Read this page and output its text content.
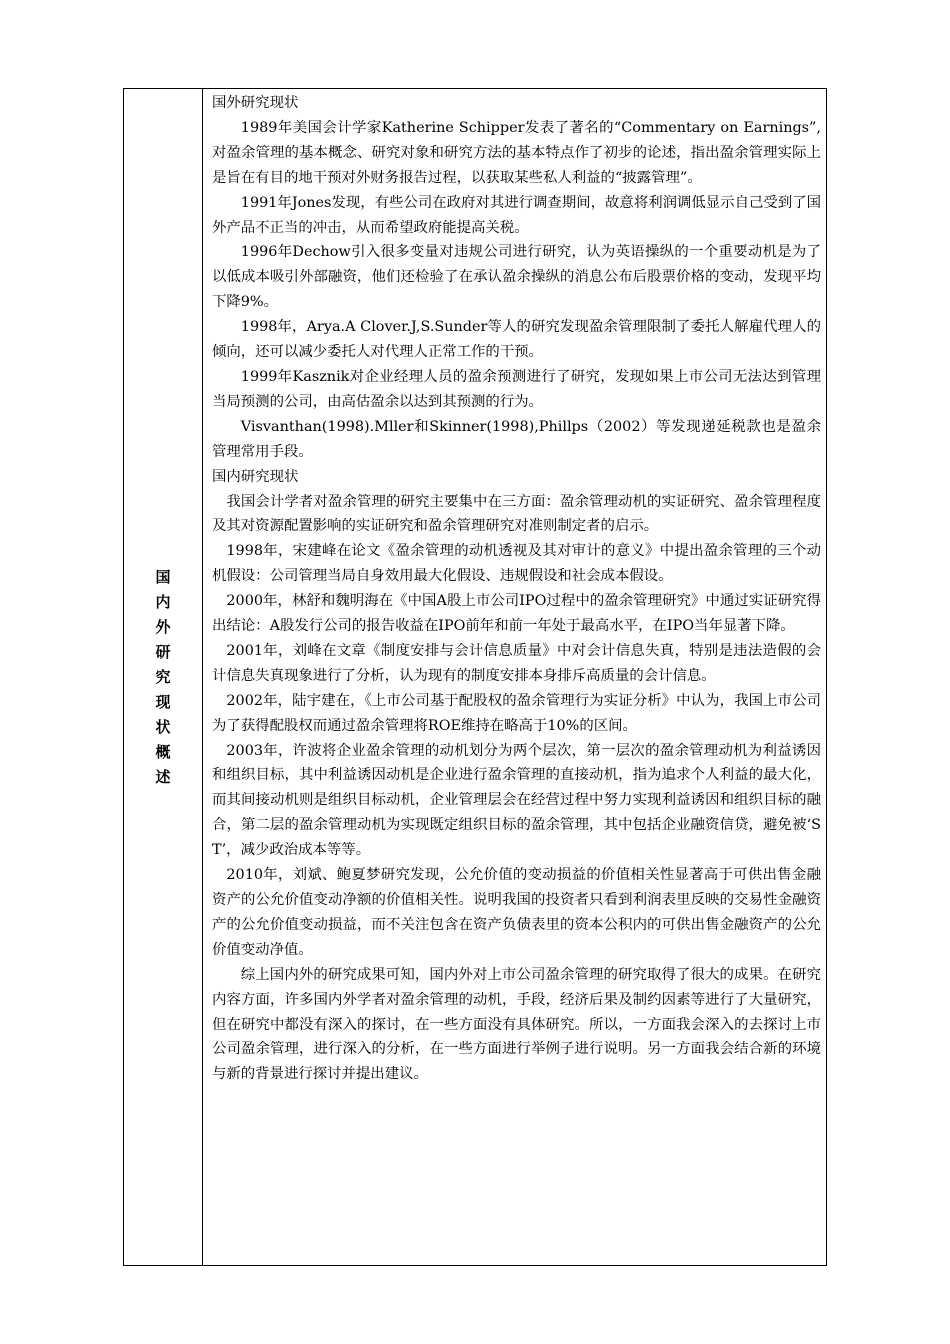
国
内
外
研
究
现
状
概
述

国外研究现状

1989年美国会计学家Katherine Schipper发表了著名的“Commentary on Earnings”,对盈余管理的基本概念、研究对象和研究方法的基本特点作了初步的论述，指出盈余管理实际上是旨在有目的地干预对外财务报告过程，以获取某些私人利益的“披露管理”。

1991年Jones发现，有些公司在政府对其进行调查期间，故意将利润调低显示自己受到了国外产品不正当的冲击，从而希望政府能提高关税。

1996年Dechow引入很多变量对违规公司进行研究，认为英语操纵的一个重要动机是为了以低成本吸引外部融资，他们还检验了在承认盈余操纵的消息公布后股票价格的变动，发现平均下降9%。

1998年，Arya.A Clover.J,S.Sunder等人的研究发现盈余管理限制了委托人解雇代理人的倾向，还可以减少委托人对代理人正常工作的干预。

1999年Kasznik对企业经理人员的盈余预测进行了研究，发现如果上市公司无法达到管理当局预测的公司，由高估盈余以达到其预测的行为。

Visvanthan(1998).Mller和Skinner(1998),Phillps（2002）等发现递延税款也是盈余管理常用手段。

国内研究现状

我国会计学者对盈余管理的研究主要集中在三方面：盈余管理动机的实证研究、盈余管理程度及其对资源配置影响的实证研究和盈余管理研究对准则制定者的启示。

1998年，宋建峰在论文《盈余管理的动机透视及其对审计的意义》中提出盈余管理的三个动机假设：公司管理当局自身效用最大化假设、违规假设和社会成本假设。

2000年，林舒和魏明海在《中国A股上市公司IPO过程中的盈余管理研究》中通过实证研究得出结论：A股发行公司的报告收益在IPO前年和前一年处于最高水平，在IPO当年显著下降。

2001年，刘峰在文章《制度安排与会计信息质量》中对会计信息失真，特别是违法造假的会计信息失真现象进行了分析，认为现有的制度安排本身排斥高质量的会计信息。

2002年，陆宇建在，《上市公司基于配股权的盈余管理行为实证分析》中认为，我国上市公司为了获得配股权而通过盈余管理将ROE维持在略高于10%的区间。

2003年，许波将企业盈余管理的动机划分为两个层次，第一层次的盈余管理动机为利益诱因和组织目标，其中利益诱因动机是企业进行盈余管理的直接动机，指为追求个人利益的最大化，而其间接动机则是组织目标动机，企业管理层会在经营过程中努力实现利益诱因和组织目标的融合，第二层的盈余管理动机为实现既定组织目标的盈余管理，其中包括企业融资信贷，避免被‘ST’，减少政治成本等等。

2010年，刘斌、鲍夏梦研究发现，公允价值的变动损益的价值相关性显著高于可供出售金融资产的公允价值变动净额的价值相关性。说明我国的投资者只看到利润表里反映的交易性金融资产的公允价值变动损益，而不关注包含在资产负债表里的资本公积内的可供出售金融资产的公允价值变动净值。

综上国内外的研究成果可知，国内外对上市公司盈余管理的研究取得了很大的成果。在研究内容方面，许多国内外学者对盈余管理的动机，手段，经济后果及制约因素等进行了大量研究，但在研究中都没有深入的探讨，在一些方面没有具体研究。所以，一方面我会深入的去探讨上市公司盈余管理，进行深入的分析，在一些方面进行举例子进行说明。另一方面我会结合新的环境与新的背景进行探讨并提出建议。
